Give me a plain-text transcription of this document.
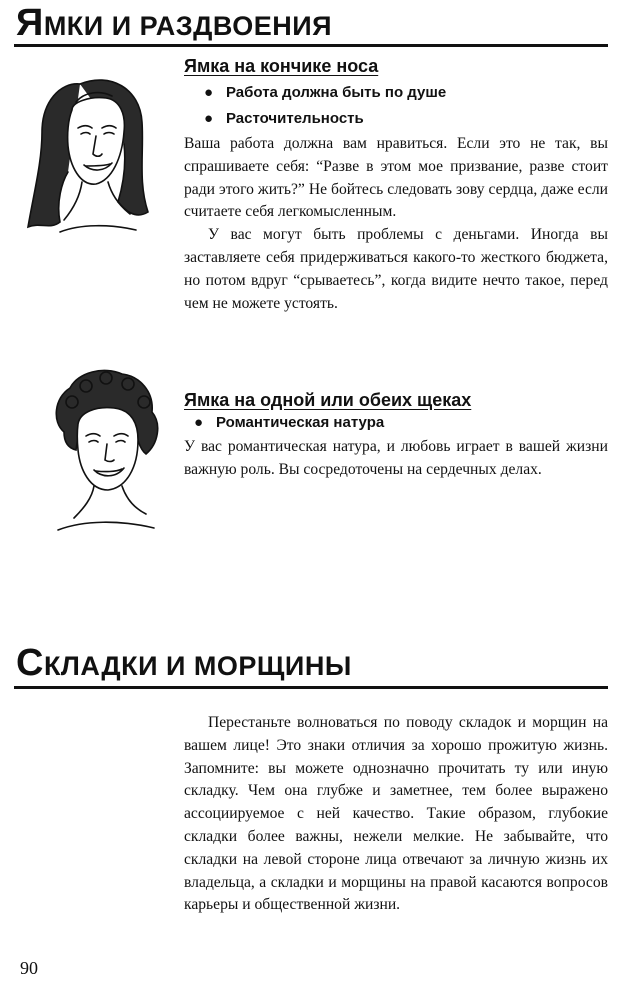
ЯМКИ И РАЗДВОЕНИЯ
Ямка на кончике носа
● Работа должна быть по душе
● Расточительность

Ваша работа должна вам нравиться. Если это не так, вы спрашиваете себя: “Разве в этом мое призвание, разве стоит ради этого жить?” Не бойтесь следовать зову сердца, даже если считаете себя легкомысленным.

У вас могут быть проблемы с деньгами. Иногда вы заставляете себя придерживаться какого-то жесткого бюджета, но потом вдруг “срываетесь”, когда видите нечто такое, перед чем не можете устоять.

Ямка на одной или обеих щеках
● Романтическая натура

У вас романтическая натура, и любовь играет в вашей жизни важную роль. Вы сосредоточены на сердечных делах.

СКЛАДКИ И МОРЩИНЫ

Перестаньте волноваться по поводу складок и морщин на вашем лице! Это знаки отличия за хорошо прожитую жизнь. Запомните: вы можете однозначно прочитать ту или иную складку. Чем она глубже и заметнее, тем более выражено ассоциируемое с ней качество. Такие образом, глубокие складки более важны, нежели мелкие. Не забывайте, что складки на левой стороне лица отвечают за личную жизнь их владельца, а складки и морщины на правой касаются вопросов карьеры и общественной жизни.

90
